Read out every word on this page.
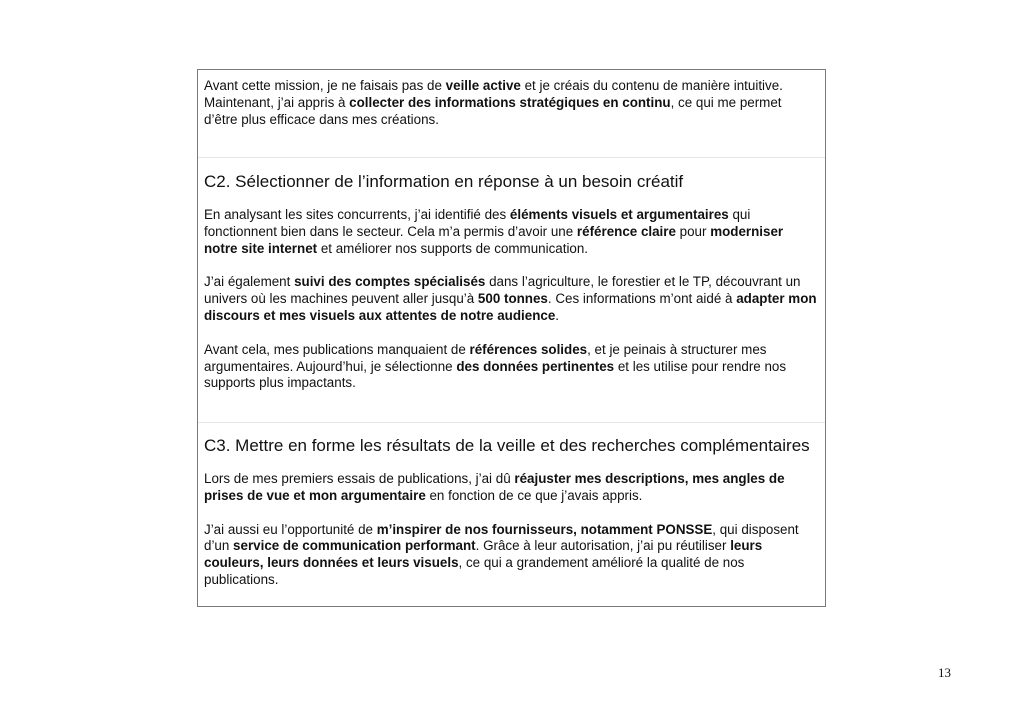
Avant cette mission, je ne faisais pas de veille active et je créais du contenu de manière intuitive. Maintenant, j’ai appris à collecter des informations stratégiques en continu, ce qui me permet d’être plus efficace dans mes créations.

C2. Sélectionner de l’information en réponse à un besoin créatif

En analysant les sites concurrents, j’ai identifié des éléments visuels et argumentaires qui fonctionnent bien dans le secteur. Cela m’a permis d’avoir une référence claire pour moderniser notre site internet et améliorer nos supports de communication.

J’ai également suivi des comptes spécialisés dans l’agriculture, le forestier et le TP, découvrant un univers où les machines peuvent aller jusqu’à 500 tonnes. Ces informations m’ont aidé à adapter mon discours et mes visuels aux attentes de notre audience.

Avant cela, mes publications manquaient de références solides, et je peinais à structurer mes argumentaires. Aujourd’hui, je sélectionne des données pertinentes et les utilise pour rendre nos supports plus impactants.

C3. Mettre en forme les résultats de la veille et des recherches complémentaires

Lors de mes premiers essais de publications, j’ai dû réajuster mes descriptions, mes angles de prises de vue et mon argumentaire en fonction de ce que j’avais appris.

J’ai aussi eu l’opportunité de m’inspirer de nos fournisseurs, notamment PONSSE, qui disposent d’un service de communication performant. Grâce à leur autorisation, j’ai pu réutiliser leurs couleurs, leurs données et leurs visuels, ce qui a grandement amélioré la qualité de nos publications.

13
